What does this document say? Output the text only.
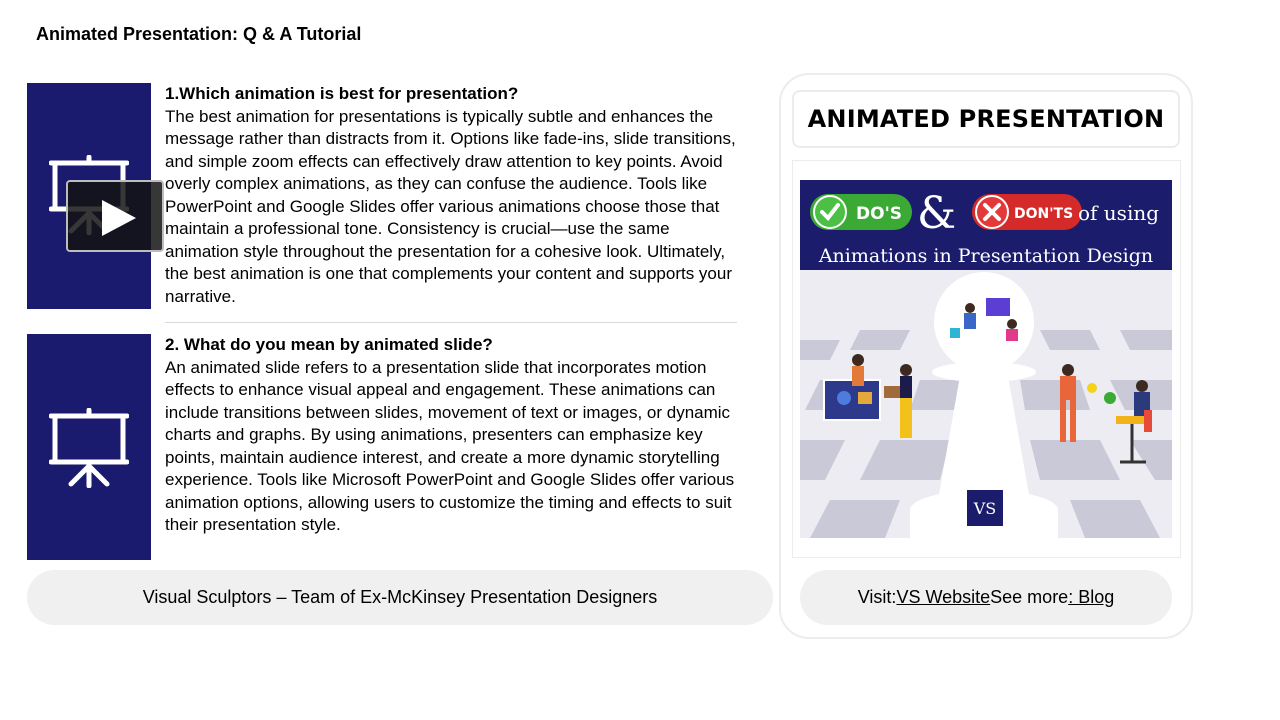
Animated Presentation: Q & A Tutorial
1.Which animation is best for presentation?
The best animation for presentations is typically subtle and enhances the message rather than distracts from it. Options like fade-ins, slide transitions, and simple zoom effects can effectively draw attention to key points. Avoid overly complex animations, as they can confuse the audience. Tools like PowerPoint and Google Slides offer various animations choose those that maintain a professional tone. Consistency is crucial—use the same animation style throughout the presentation for a cohesive look. Ultimately, the best animation is one that complements your content and supports your narrative.
2. What do you mean by animated slide?
An animated slide refers to a presentation slide that incorporates motion effects to enhance visual appeal and engagement. These animations can include transitions between slides, movement of text or images, or dynamic charts and graphs. By using animations, presenters can emphasize key points, maintain audience interest, and create a more dynamic storytelling experience. Tools like Microsoft PowerPoint and Google Slides offer various animation options, allowing users to customize the timing and effects to suit their presentation style.
ANIMATED PRESENTATION
DO'S &	DON'TS of using
Animations in Presentation Design
VS
Visual Sculptors – Team of Ex-McKinsey Presentation Designers	Visit: VS Website See more : Blog
